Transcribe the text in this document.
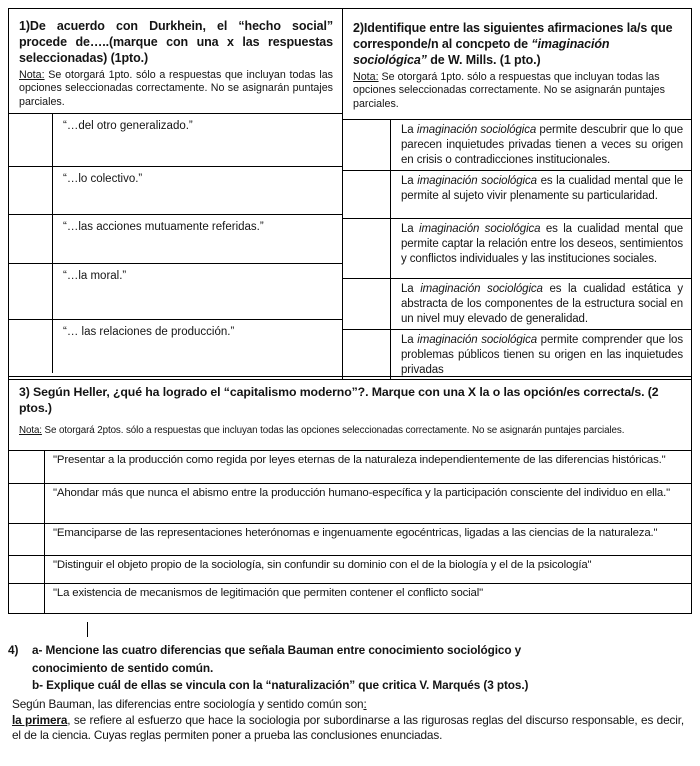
1)De acuerdo con Durkhein, el “hecho social” procede de…..(marque con una x las respuestas seleccionadas) (1pto.)
Nota: Se otorgará 1pto. sólo a respuestas que incluyan todas las opciones seleccionadas correctamente. No se asignarán puntajes parciales.
“…del otro generalizado.”
“…lo colectivo.”
“…las acciones mutuamente referidas.”
“…la moral.”
“… las relaciones de producción.”
2)Identifique entre las siguientes afirmaciones la/s que corresponde/n al concpeto de “imaginación sociológica” de W. Mills. (1 pto.)
Nota: Se otorgará 1pto. sólo a respuestas que incluyan todas las opciones seleccionadas correctamente. No se asignarán puntajes parciales.
La imaginación sociológica permite descubrir que lo que parecen inquietudes privadas tienen a veces su origen en crisis o contradicciones institucionales.
La imaginación sociológica es la cualidad mental que le permite al sujeto vivir plenamente su particularidad.
La imaginación sociológica es la cualidad mental que permite captar la relación entre los deseos, sentimientos y conflictos individuales y las instituciones sociales.
La imaginación sociológica es la cualidad estática y abstracta de los componentes de la estructura social en un nivel muy elevado de generalidad.
La imaginación sociológica permite comprender que los problemas públicos tienen su origen en las inquietudes privadas
3) Según Heller, ¿qué ha logrado el “capitalismo moderno”?. Marque con una X la o las opción/es correcta/s. (2 ptos.)
Nota: Se otorgará 2ptos. sólo a respuestas que incluyan todas las opciones seleccionadas correctamente. No se asignarán puntajes parciales.
"Presentar a la producción como regida por leyes eternas de la naturaleza independientemente de las diferencias históricas."
"Ahondar más que nunca el abismo entre la producción humano-específica y la participación consciente del individuo en ella."
"Emanciparse de las representaciones heterónomas e ingenuamente egocéntricas, ligadas a las ciencias de la naturaleza."
"Distinguir el objeto propio de la sociología, sin confundir su dominio con el de la biología y el de la psicología"
"La existencia de mecanismos de legitimación que permiten contener el conflicto social"
4)	a- Mencione las cuatro diferencias que señala Bauman entre conocimiento sociológico y
conocimiento de sentido común.
b- Explique cuál de ellas se vincula con la “naturalización” que critica V. Marqués (3 ptos.)
Según Bauman, las diferencias entre sociología y sentido común son:
la primera, se refiere al esfuerzo que hace la sociologia por subordinarse a las rigurosas reglas del discurso responsable, es decir, el de la ciencia. Cuyas reglas permiten poner a prueba las conclusiones enunciadas.
